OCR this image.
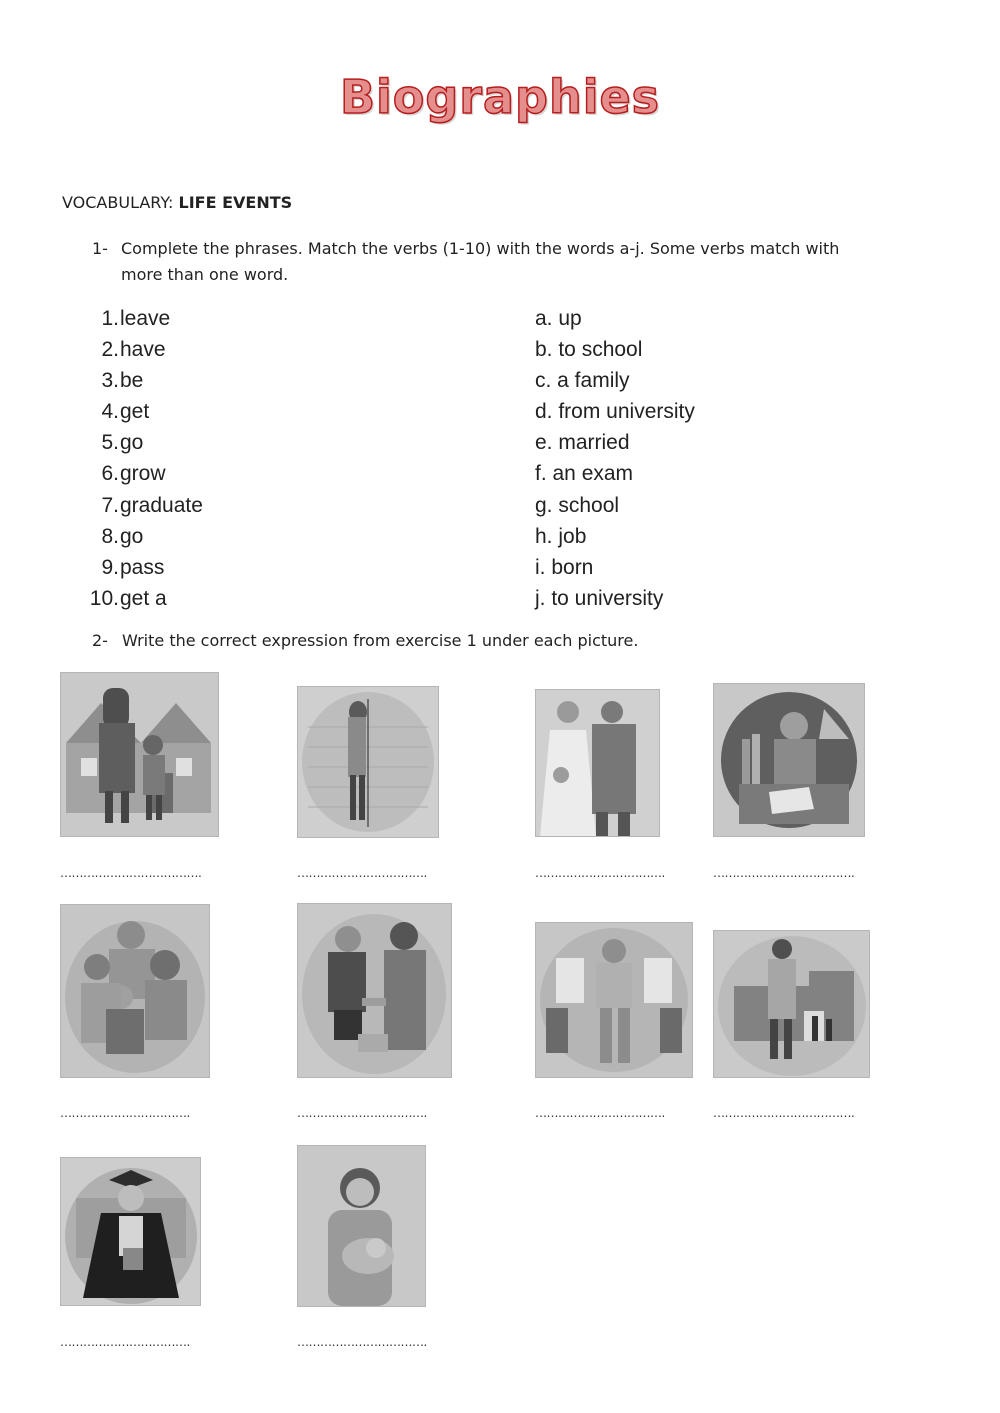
Biographies
VOCABULARY: LIFE EVENTS
1- Complete the phrases. Match the verbs (1-10) with the words a-j. Some verbs match with
more than one word.
1. leave
2. have
3. be
4. get
5. go
6. grow
7. graduate
8. go
9. pass
10. get a
a. up
b. to school
c. a family
d. from university
e. married
f. an exam
g. school
h. job
i. born
j. to university
2- Write the correct expression from exercise 1 under each picture.
……………………………….	…………………………….	…………………………….	……………………………….
…………………………….	…………………………….	…………………………….	……………………………….
…………………………….	…………………………….
